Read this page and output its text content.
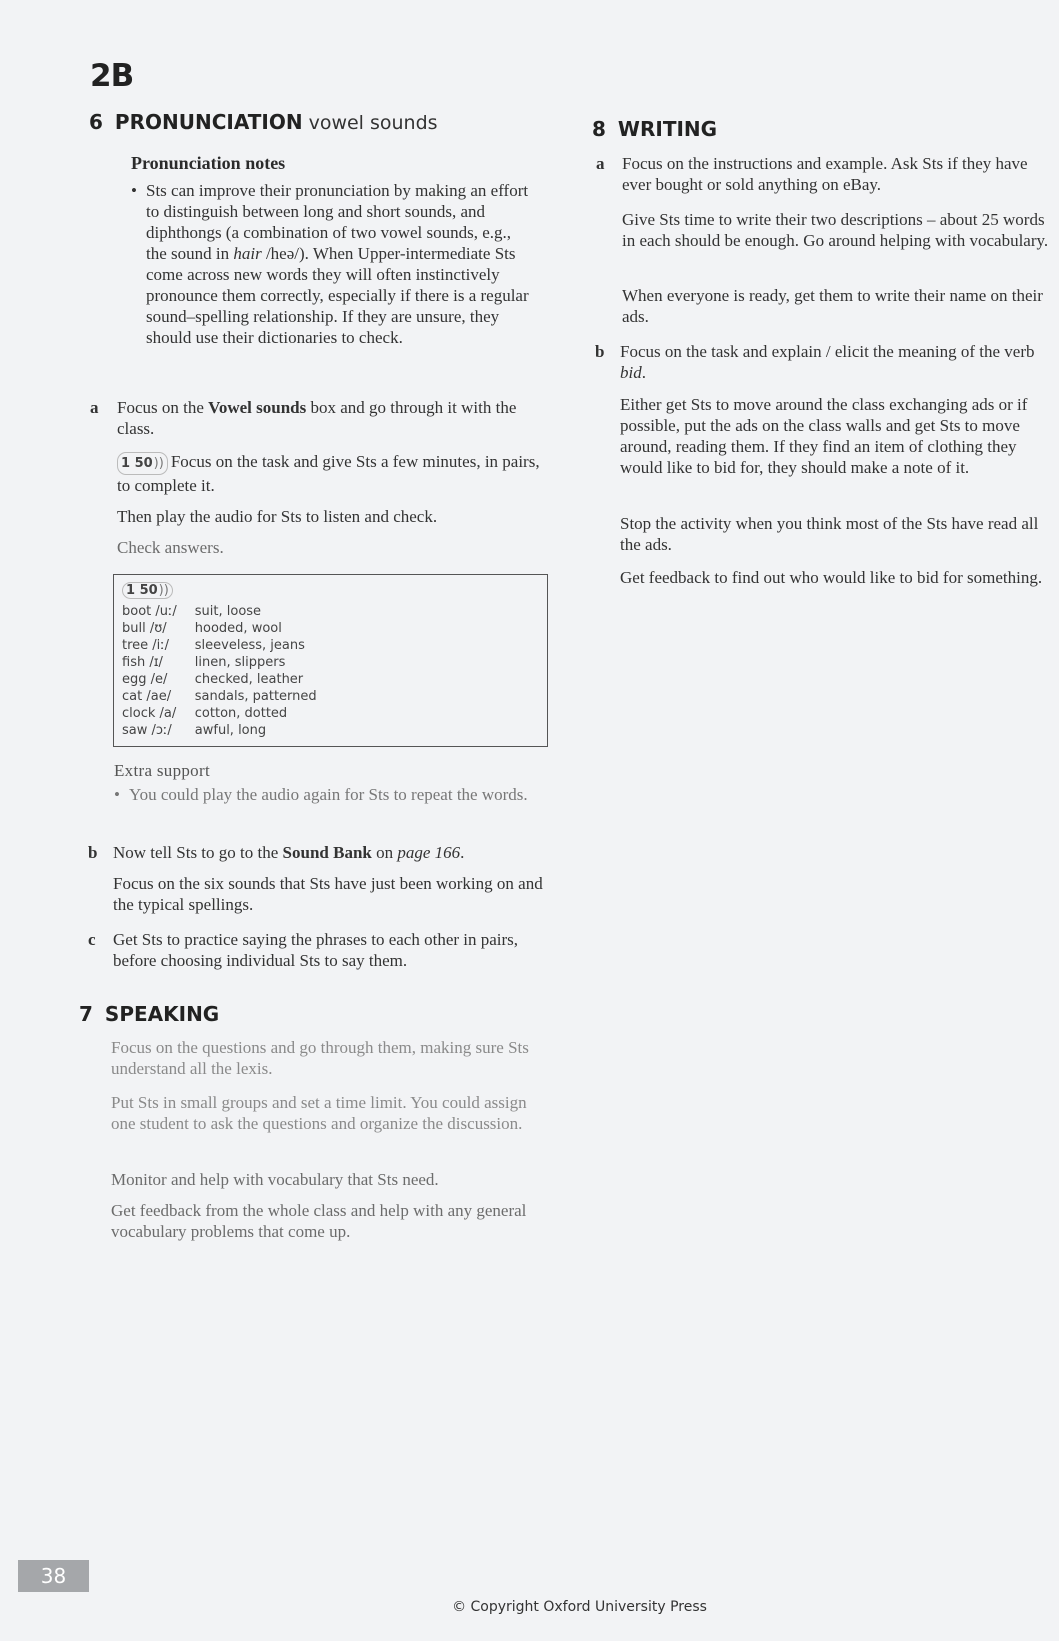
2B
6 PRONUNCIATION vowel sounds
Pronunciation notes
• Sts can improve their pronunciation by making an effort to distinguish between long and short sounds, and diphthongs (a combination of two vowel sounds, e.g., the sound in hair /heə/). When Upper-intermediate Sts come across new words they will often instinctively pronounce them correctly, especially if there is a regular sound–spelling relationship. If they are unsure, they should use their dictionaries to check.
a Focus on the Vowel sounds box and go through it with the class.
1 50)) Focus on the task and give Sts a few minutes, in pairs, to complete it.
Then play the audio for Sts to listen and check.
Check answers.
1 50))
boot /uː/	suit, loose
bull /ʊ/	hooded, wool
tree /iː/	sleeveless, jeans
fish /ɪ/	linen, slippers
egg /e/	checked, leather
cat /ae/	sandals, patterned
clock /a/	cotton, dotted
saw /ɔː/	awful, long
Extra support
• You could play the audio again for Sts to repeat the words.
b Now tell Sts to go to the Sound Bank on page 166.
Focus on the six sounds that Sts have just been working on and the typical spellings.
c Get Sts to practice saying the phrases to each other in pairs, before choosing individual Sts to say them.
7 SPEAKING
Focus on the questions and go through them, making sure Sts understand all the lexis.
Put Sts in small groups and set a time limit. You could assign one student to ask the questions and organize the discussion.
Monitor and help with vocabulary that Sts need.
Get feedback from the whole class and help with any general vocabulary problems that come up.
8 WRITING
a Focus on the instructions and example. Ask Sts if they have ever bought or sold anything on eBay.
Give Sts time to write their two descriptions – about 25 words in each should be enough. Go around helping with vocabulary.
When everyone is ready, get them to write their name on their ads.
b Focus on the task and explain / elicit the meaning of the verb bid.
Either get Sts to move around the class exchanging ads or if possible, put the ads on the class walls and get Sts to move around, reading them. If they find an item of clothing they would like to bid for, they should make a note of it.
Stop the activity when you think most of the Sts have read all the ads.
Get feedback to find out who would like to bid for something.
38
© Copyright Oxford University Press
